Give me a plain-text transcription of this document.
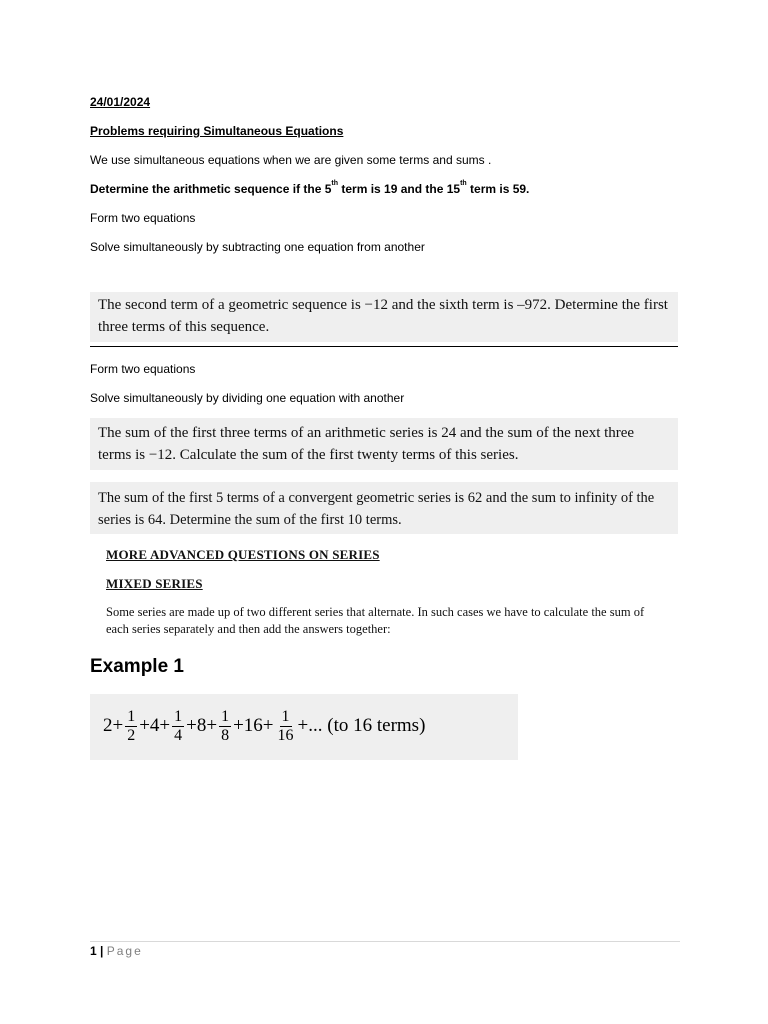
24/01/2024
Problems requiring Simultaneous Equations
We use simultaneous equations when we are given some terms and sums .
Determine the arithmetic sequence if the 5th term is 19 and the 15th term is 59.
Form two equations
Solve simultaneously by subtracting one equation from another
The second term of a geometric sequence is −12 and the sixth term is –972. Determine the first three terms of this sequence.
Form two equations
Solve simultaneously by dividing one equation with another
The sum of the first three terms of an arithmetic series is 24 and the sum of the next three terms is −12. Calculate the sum of the first twenty terms of this series.
The sum of the first 5 terms of a convergent geometric series is 62 and the sum to infinity of the series is 64. Determine the sum of the first 10 terms.
MORE ADVANCED QUESTIONS ON SERIES
MIXED SERIES
Some series are made up of two different series that alternate. In such cases we have to calculate the sum of each series separately and then add the answers together:
Example 1
$2+ \frac{1}{2} +4+ \frac{1}{4} +8+ \frac{1}{8} +16+ \frac{1}{16}$ +... (to 16 terms)
1 | Page
